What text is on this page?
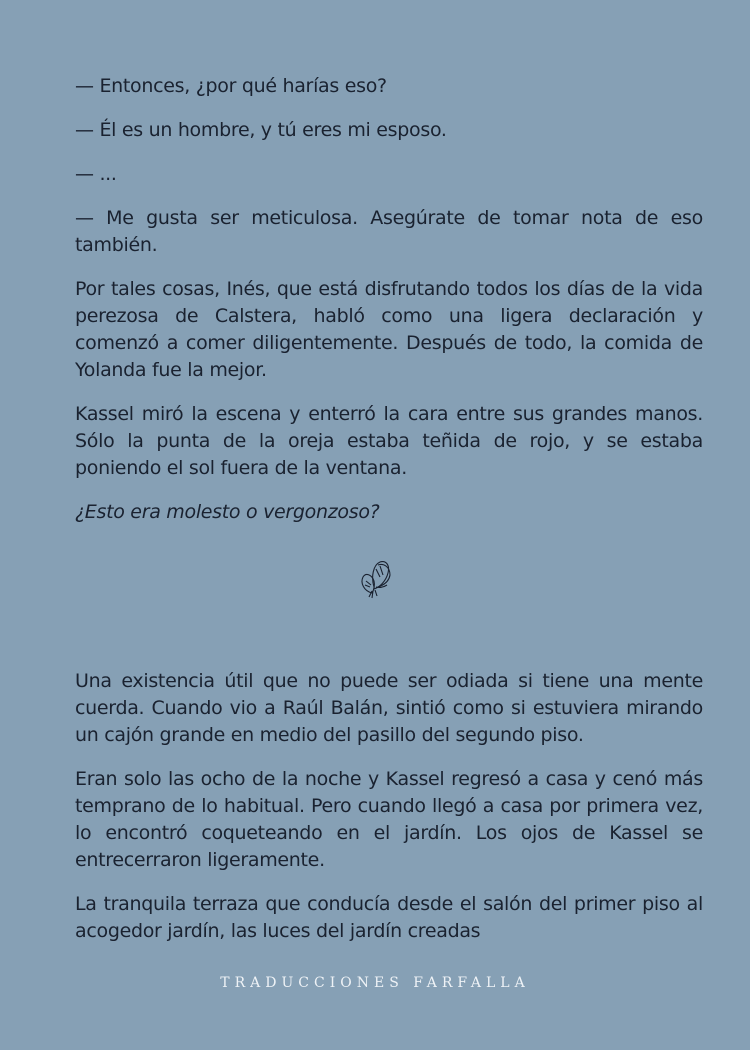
— Entonces, ¿por qué harías eso?

— Él es un hombre, y tú eres mi esposo.

— ...

— Me gusta ser meticulosa. Asegúrate de tomar nota de eso también.

Por tales cosas, Inés, que está disfrutando todos los días de la vida perezosa de Calstera, habló como una ligera declaración y comenzó a comer diligentemente. Después de todo, la comida de Yolanda fue la mejor.

Kassel miró la escena y enterró la cara entre sus grandes manos. Sólo la punta de la oreja estaba teñida de rojo, y se estaba poniendo el sol fuera de la ventana.

¿Esto era molesto o vergonzoso?

Una existencia útil que no puede ser odiada si tiene una mente cuerda. Cuando vio a Raúl Balán, sintió como si estuviera mirando un cajón grande en medio del pasillo del segundo piso.

Eran solo las ocho de la noche y Kassel regresó a casa y cenó más temprano de lo habitual. Pero cuando llegó a casa por primera vez, lo encontró coqueteando en el jardín. Los ojos de Kassel se entrecerraron ligeramente.

La tranquila terraza que conducía desde el salón del primer piso al acogedor jardín, las luces del jardín creadas

TRADUCCIONES FARFALLA
